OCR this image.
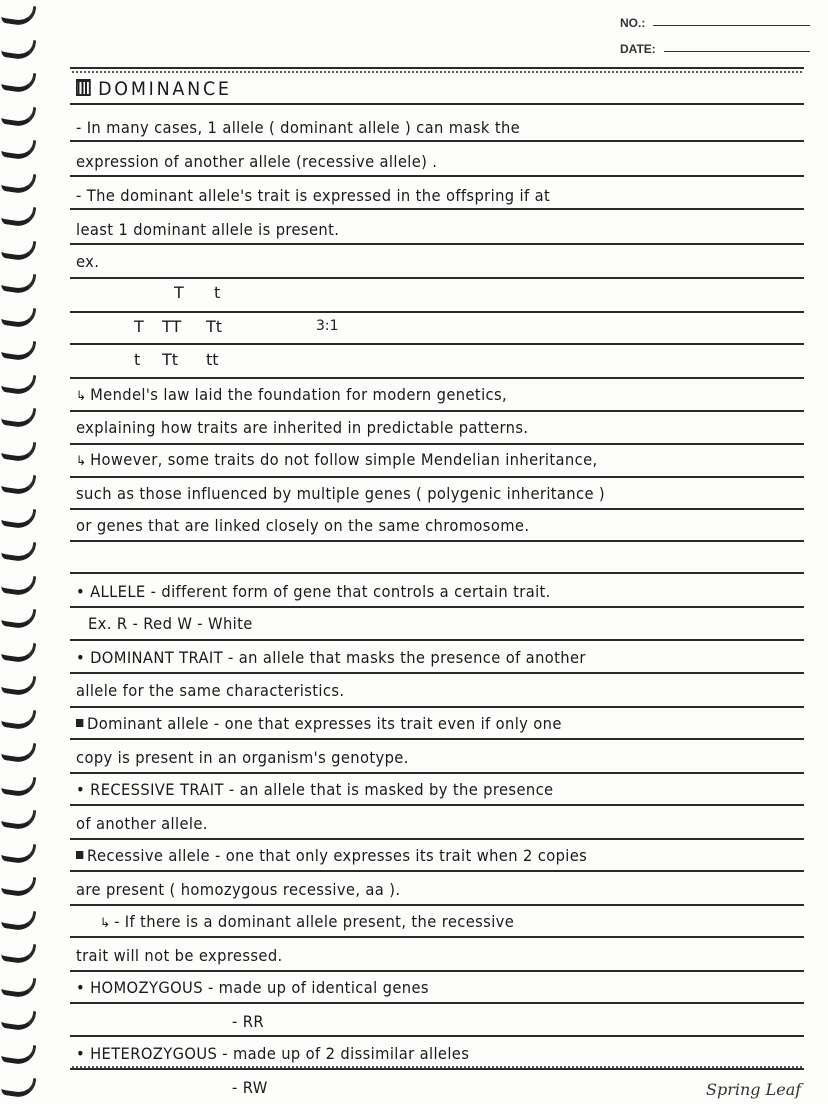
NO.:
DATE:
DOMINANCE
- In many cases, 1 allele ( dominant allele ) can mask the
expression of another allele (recessive allele) .
- The dominant allele's trait is expressed in the offspring if at
least 1 dominant allele is present.
ex.
T t
T TT Tt	3:1
t Tt tt
↳ Mendel's law laid the foundation for modern genetics,
explaining how traits are inherited in predictable patterns.
↳ However, some traits do not follow simple Mendelian inheritance,
such as those influenced by multiple genes ( polygenic inheritance )
or genes that are linked closely on the same chromosome.
• ALLELE - different form of gene that controls a certain trait.
Ex. R - Red W - White
• DOMINANT TRAIT - an allele that masks the presence of another
allele for the same characteristics.
Dominant allele - one that expresses its trait even if only one
copy is present in an organism's genotype.
• RECESSIVE TRAIT - an allele that is masked by the presence
of another allele.
Recessive allele - one that only expresses its trait when 2 copies
are present ( homozygous recessive, aa ).
↳ - If there is a dominant allele present, the recessive
trait will not be expressed.
• HOMOZYGOUS - made up of identical genes
- RR
• HETEROZYGOUS - made up of 2 dissimilar alleles
- RW	Spring Leaf
